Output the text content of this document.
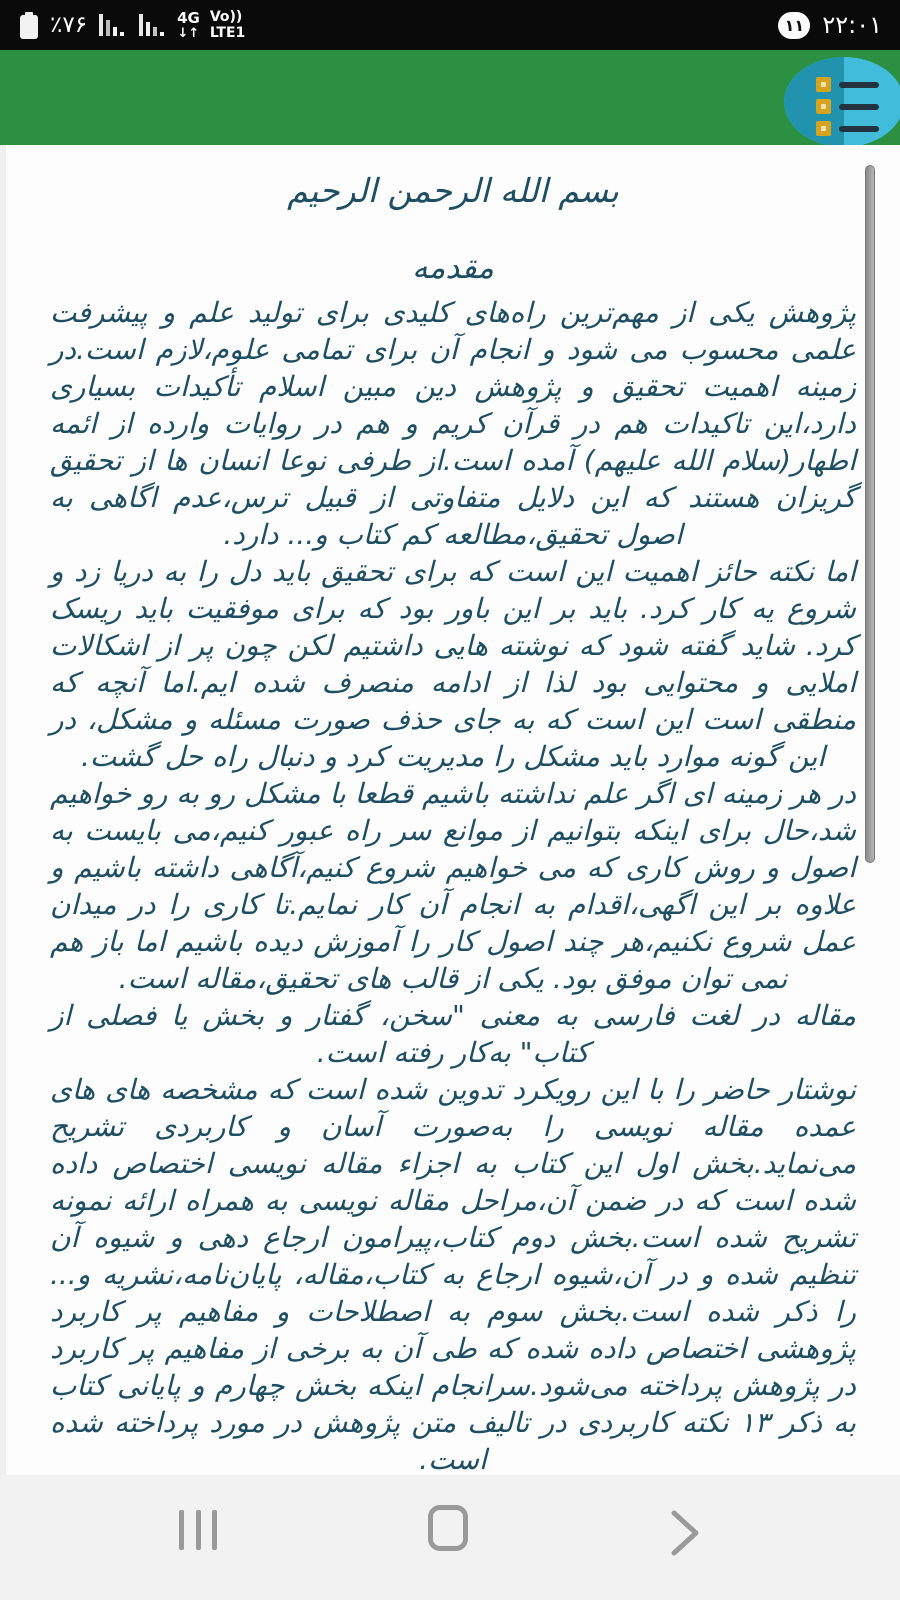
٪۷۶	4G
↓↑
Vo))
LTE1	۱۱ ۲۲:۰۱
بسم الله الرحمن الرحیم
مقدمه

پژوهش یکی از مهم‌ترین راه‌های کلیدی برای تولید علم و پیشرفت علمی محسوب می شود و انجام آن برای تمامی علوم،لازم است.در زمینه اهمیت تحقیق و پژوهش دین مبین اسلام تأکیدات بسیاری دارد،این تاکیدات هم در قرآن کریم و هم در روایات وارده از ائمه اطهار(سلام الله علیهم) آمده است.از طرفی نوعا انسان ها از تحقیق گریزان هستند که این دلایل متفاوتی از قبیل ترس،عدم اگاهی به اصول تحقیق،مطالعه کم کتاب و... دارد.

اما نکته حائز اهمیت این است که برای تحقیق باید دل را به دریا زد و شروع یه کار کرد. باید بر این باور بود که برای موفقیت باید ریسک کرد. شاید گفته شود که نوشته هایی داشتیم لکن چون پر از اشکالات املایی و محتوایی بود لذا از ادامه منصرف شده ایم.اما آنچه که منطقی است این است که به جای حذف صورت مسئله و مشکل، در این گونه موارد باید مشکل را مدیریت کرد و دنبال راه حل گشت.

در هر زمینه ای اگر علم نداشته باشیم قطعا با مشکل رو به رو خواهیم شد،حال برای اینکه بتوانیم از موانع سر راه عبور کنیم،می بایست به اصول و روش کاری که می خواهیم شروع کنیم،آگاهی داشته باشیم و علاوه بر این اگهی،اقدام به انجام آن کار نمایم.تا کاری را در میدان عمل شروع نکنیم،هر چند اصول کار را آموزش دیده باشیم اما باز هم نمی توان موفق بود. یکی از قالب های تحقیق،مقاله است.

مقاله در لغت فارسی به معنی "سخن، گفتار و بخش یا فصلی از کتاب" به‌کار رفته است.

نوشتار حاضر را با این رویکرد تدوین شده است که مشخصه های های عمده مقاله نویسی را به‌صورت آسان و کاربردی تشریح می‌نماید.بخش اول این کتاب به اجزاء مقاله نویسی اختصاص داده شده است که در ضمن آن،مراحل مقاله نویسی به همراه ارائه نمونه تشریح شده است.بخش دوم کتاب،پیرامون ارجاع دهی و شیوه آن تنظیم شده و در آن،شیوه ارجاع به کتاب،مقاله، پایان‌نامه،نشریه و... را ذکر شده است.بخش سوم به اصطلاحات و مفاهیم پر کاربرد پژوهشی اختصاص داده شده که طی آن به برخی از مفاهیم پر کاربرد در پژوهش پرداخته می‌شود.سرانجام اینکه بخش چهارم و پایانی کتاب به ذکر ۱۳ نکته کاربردی در تالیف متن پژوهش در مورد پرداخته شده است.
